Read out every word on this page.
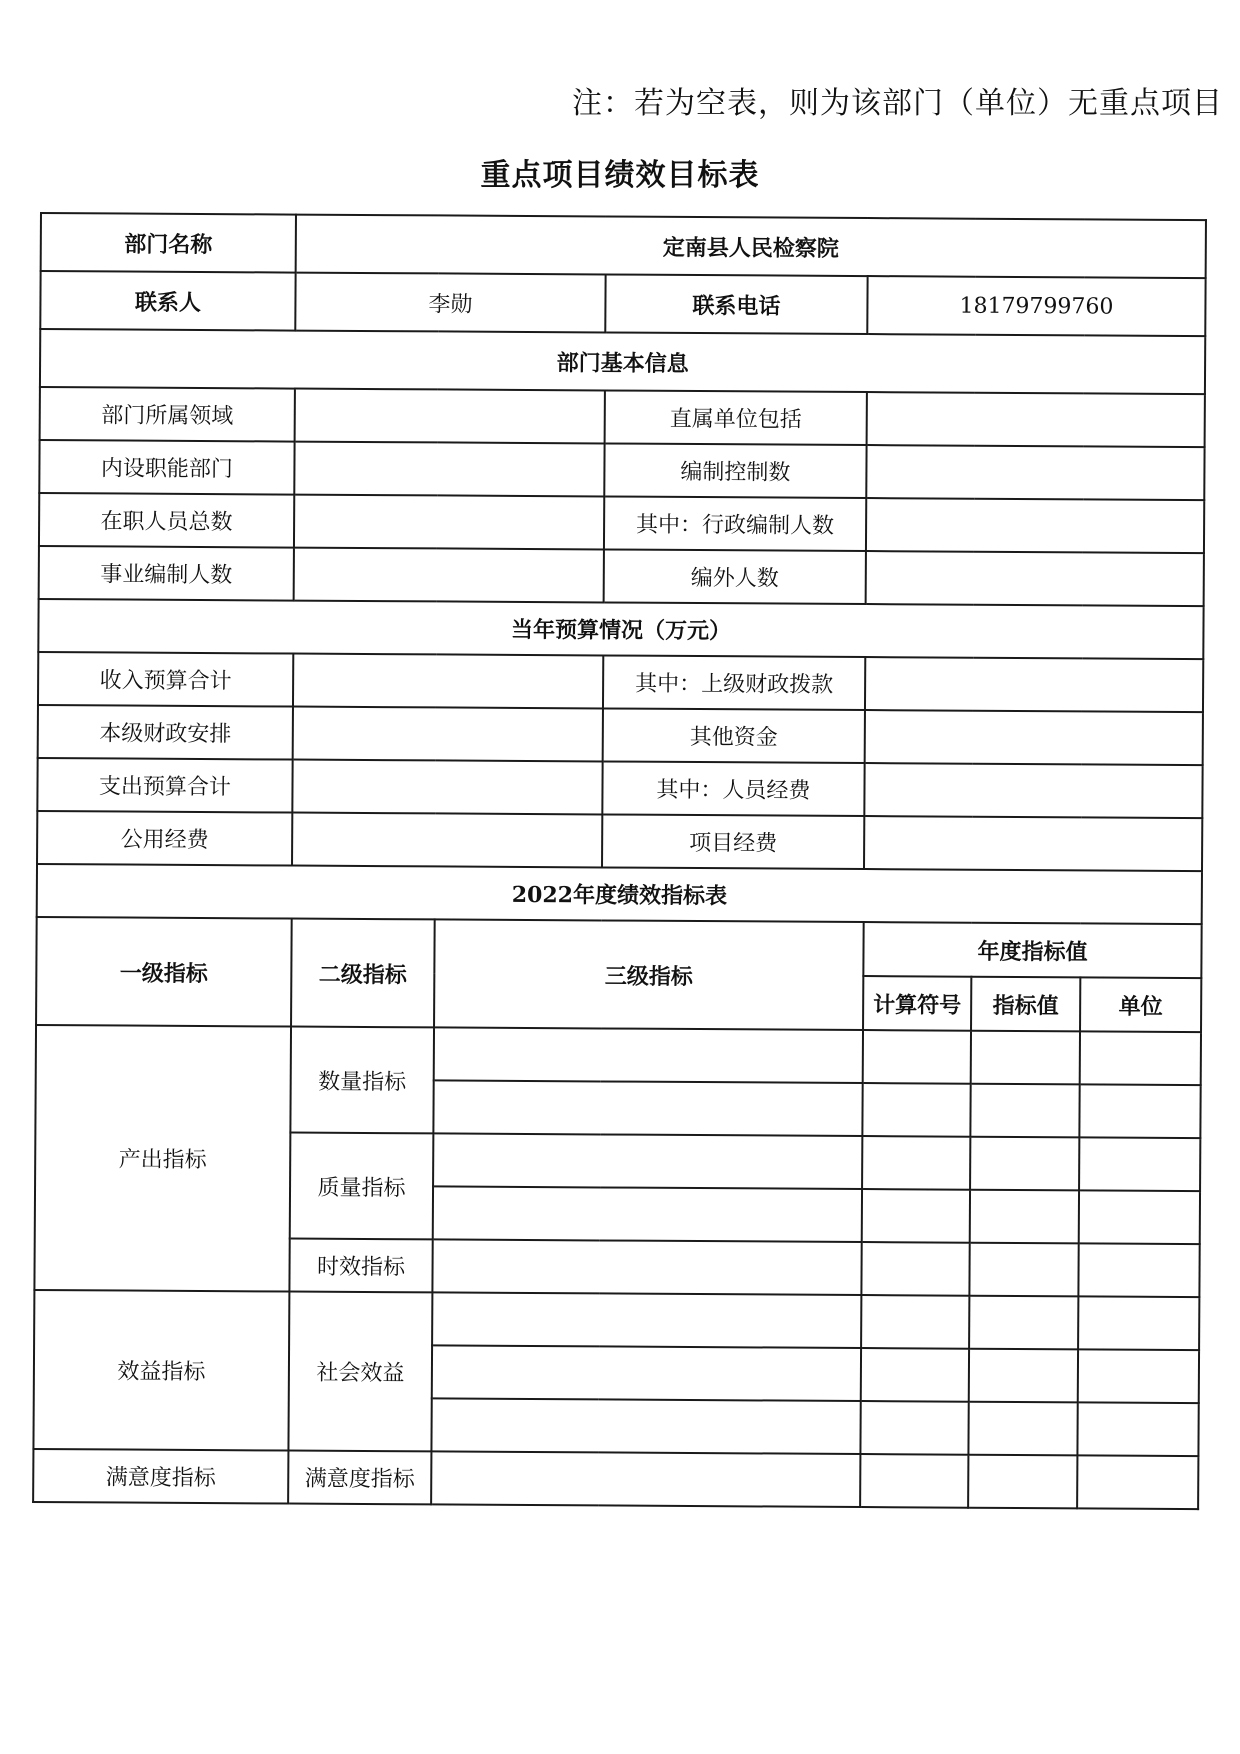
注：若为空表，则为该部门（单位）无重点项目
重点项目绩效目标表
部门名称	定南县人民检察院					
联系人	李勋		联系电话	18179799760		
部门基本信息						
部门所属领域			直属单位包括			
内设职能部门			编制控制数			
在职人员总数			其中：行政编制人数			
事业编制人数			编外人数			
当年预算情况（万元）						
收入预算合计			其中：上级财政拨款			
本级财政安排			其他资金			
支出预算合计			其中：人员经费			
公用经费			项目经费			
2022年度绩效指标表						
一级指标	二级指标	三级指标		年度指标值		
				计算符号	指标值	单位
产出指标	数量指标					

	质量指标					

	时效指标					
效益指标	社会效益					

满意度指标	满意度指标					
